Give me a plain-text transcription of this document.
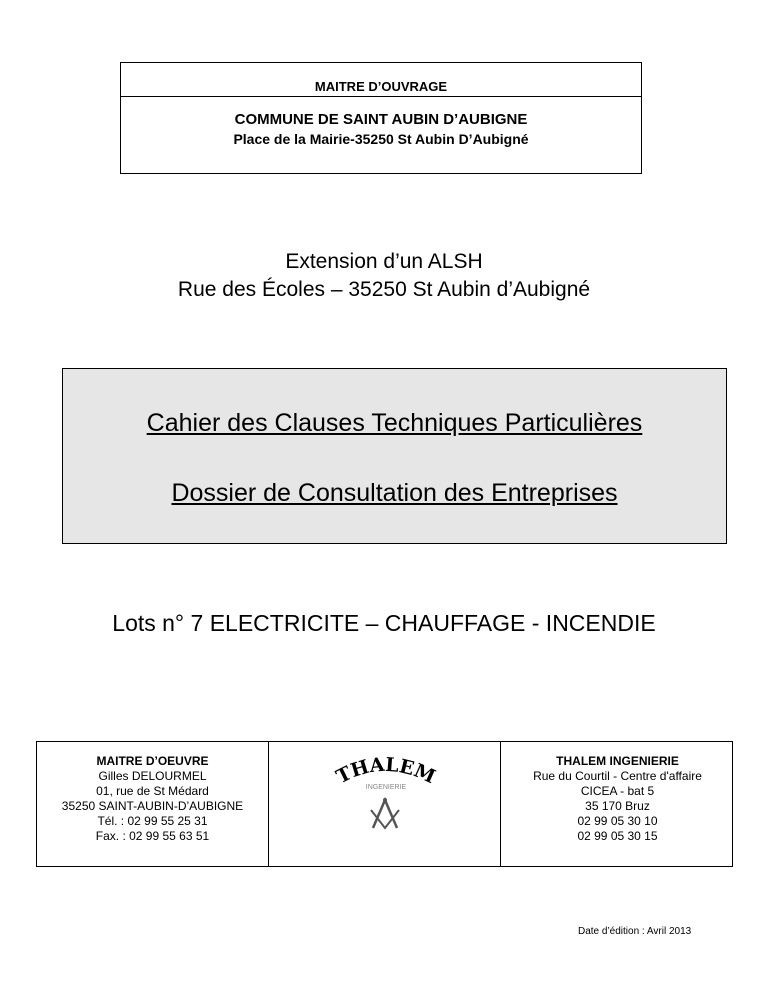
MAITRE D’OUVRAGE
COMMUNE DE SAINT AUBIN D’AUBIGNE
Place de la Mairie-35250 St Aubin D’Aubigné
Extension d’un ALSH
Rue des Écoles – 35250 St Aubin d’Aubigné
Cahier des Clauses Techniques Particulières
Dossier de Consultation des Entreprises
Lots n° 7 ELECTRICITE – CHAUFFAGE - INCENDIE
MAITRE D’OEUVRE
Gilles DELOURMEL
01, rue de St Médard
35250 SAINT-AUBIN-D’AUBIGNE
Tél. : 02 99 55 25 31
Fax. : 02 99 55 63 51
THALEM
INGENIERIE
THALEM INGENIERIE
Rue du Courtil - Centre d'affaire
CICEA - bat 5
35 170 Bruz
02 99 05 30 10
02 99 05 30 15
Date d’édition : Avril 2013
